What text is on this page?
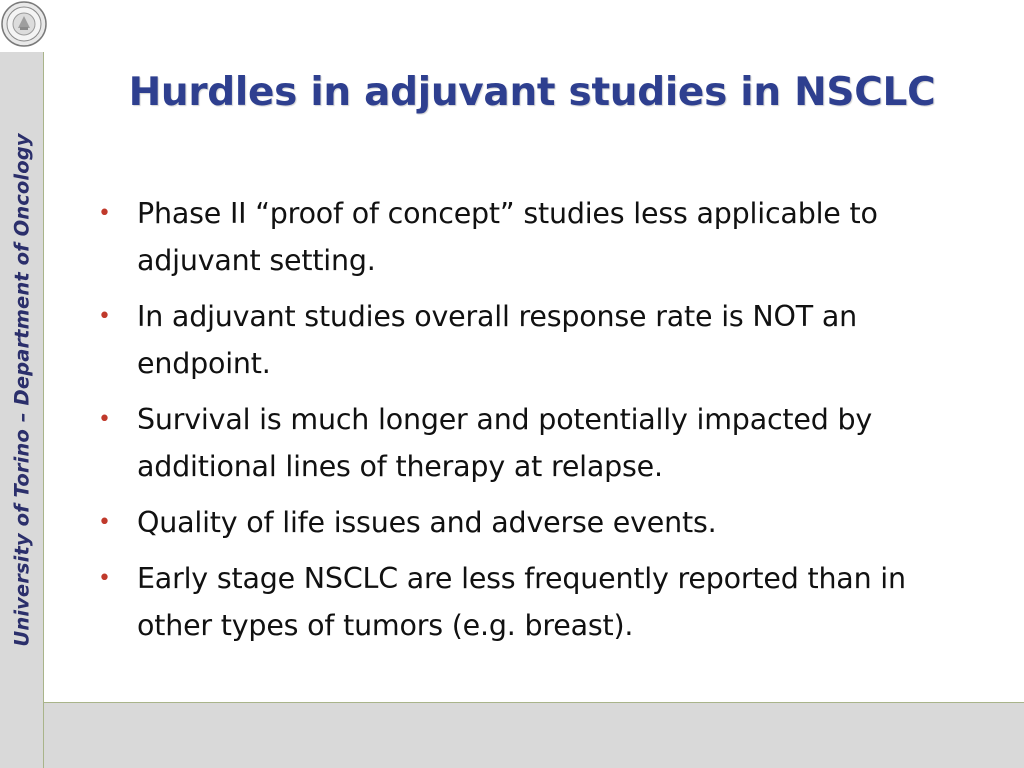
University of Torino – Department of Oncology
Hurdles in adjuvant studies in NSCLC
• Phase II “proof of concept” studies less applicable to adjuvant setting.
• In adjuvant studies overall response rate is NOT an endpoint.
• Survival is much longer and potentially impacted by additional lines of therapy at relapse.
• Quality of life issues and adverse events.
• Early stage NSCLC are less frequently reported than in other types of tumors (e.g. breast).
